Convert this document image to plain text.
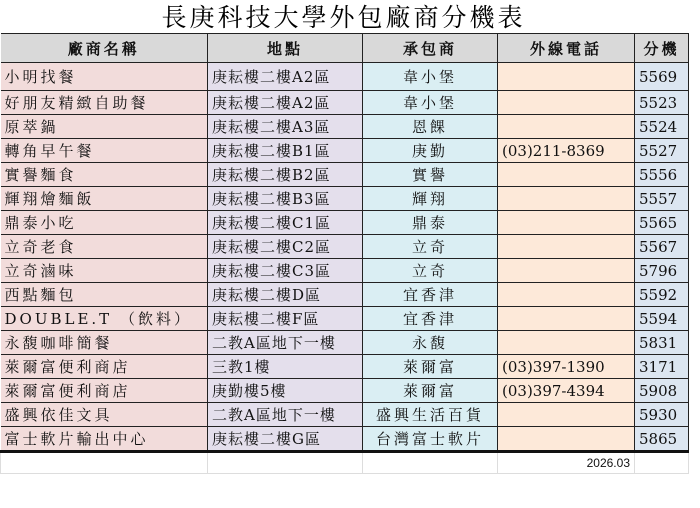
長庚科技大學外包廠商分機表
廠商名稱	地點	承包商	外線電話	分機
小明找餐	庚耘樓二樓A2區	韋小堡		5569
好朋友精緻自助餐	庚耘樓二樓A2區	韋小堡		5523
原萃鍋	庚耘樓二樓A3區	恩餜		5524
轉角早午餐	庚耘樓二樓B1區	庚勤	(03)211-8369	5527
實譽麵食	庚耘樓二樓B2區	實譽		5556
輝翔燴麵飯	庚耘樓二樓B3區	輝翔		5557
鼎泰小吃	庚耘樓二樓C1區	鼎泰		5565
立奇老食	庚耘樓二樓C2區	立奇		5567
立奇滷味	庚耘樓二樓C3區	立奇		5796
西點麵包	庚耘樓二樓D區	宜香津		5592
DOUBLE.T （飲料）	庚耘樓二樓F區	宜香津		5594
永馥咖啡簡餐	二教A區地下一樓	永馥		5831
萊爾富便利商店	三教1樓	萊爾富	(03)397-1390	3171
萊爾富便利商店	庚勤樓5樓	萊爾富	(03)397-4394	5908
盛興依佳文具	二教A區地下一樓	盛興生活百貨		5930
富士軟片輸出中心	庚耘樓二樓G區	台灣富士軟片		5865
			2026.03	
